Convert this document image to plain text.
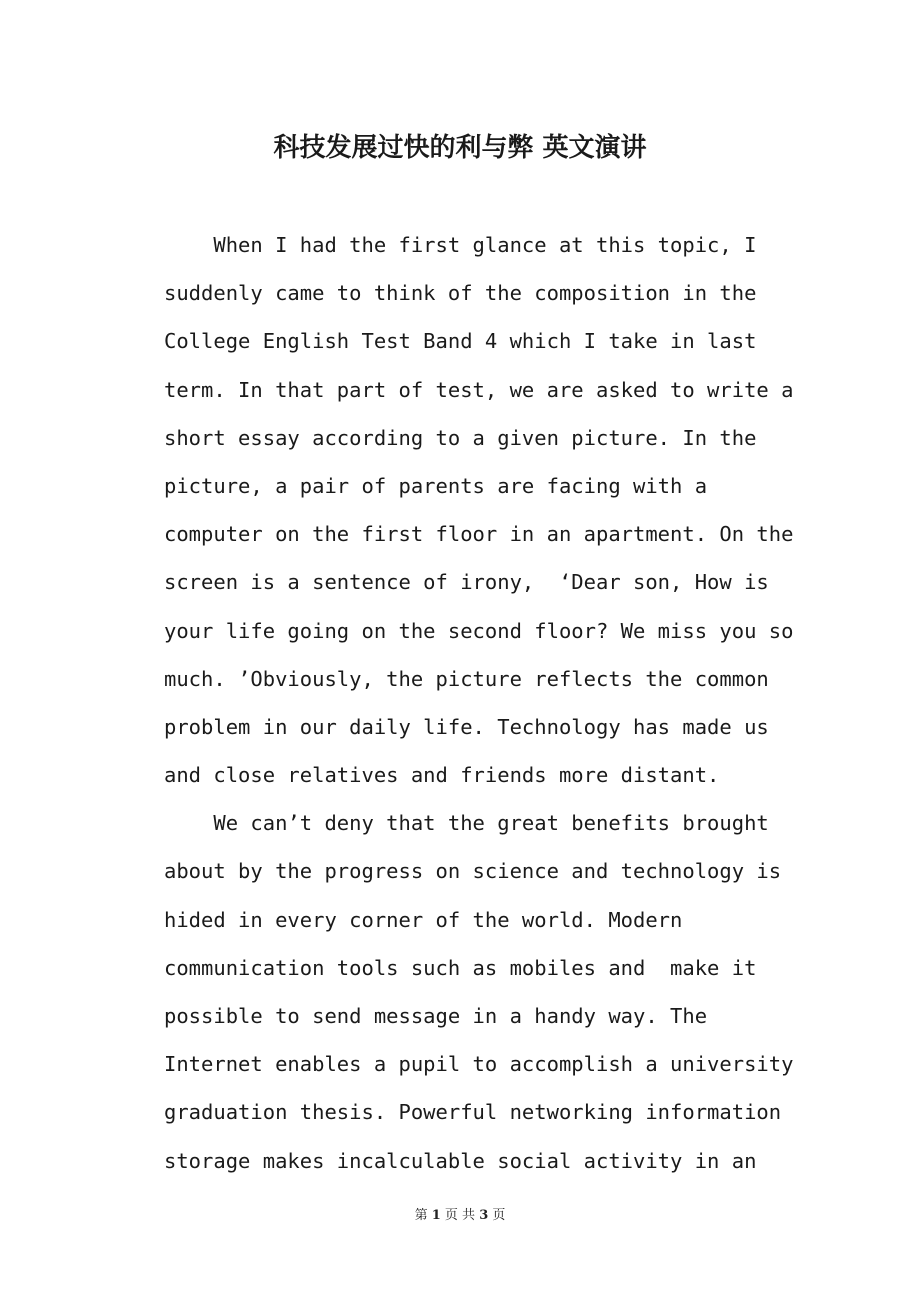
科技发展过快的利与弊 英文演讲
When I had the first glance at this topic, I
suddenly came to think of the composition in the
College English Test Band 4 which I take in last
term. In that part of test, we are asked to write a
short essay according to a given picture. In the
picture, a pair of parents are facing with a
computer on the first floor in an apartment. On the
screen is a sentence of irony,  ‘Dear son, How is
your life going on the second floor? We miss you so
much. ’Obviously, the picture reflects the common
problem in our daily life. Technology has made us
and close relatives and friends more distant.
We can’t deny that the great benefits brought
about by the progress on science and technology is
hided in every corner of the world. Modern
communication tools such as mobiles and  make it
possible to send message in a handy way. The
Internet enables a pupil to accomplish a university
graduation thesis. Powerful networking information
storage makes incalculable social activity in an
第 1 页 共 3 页
